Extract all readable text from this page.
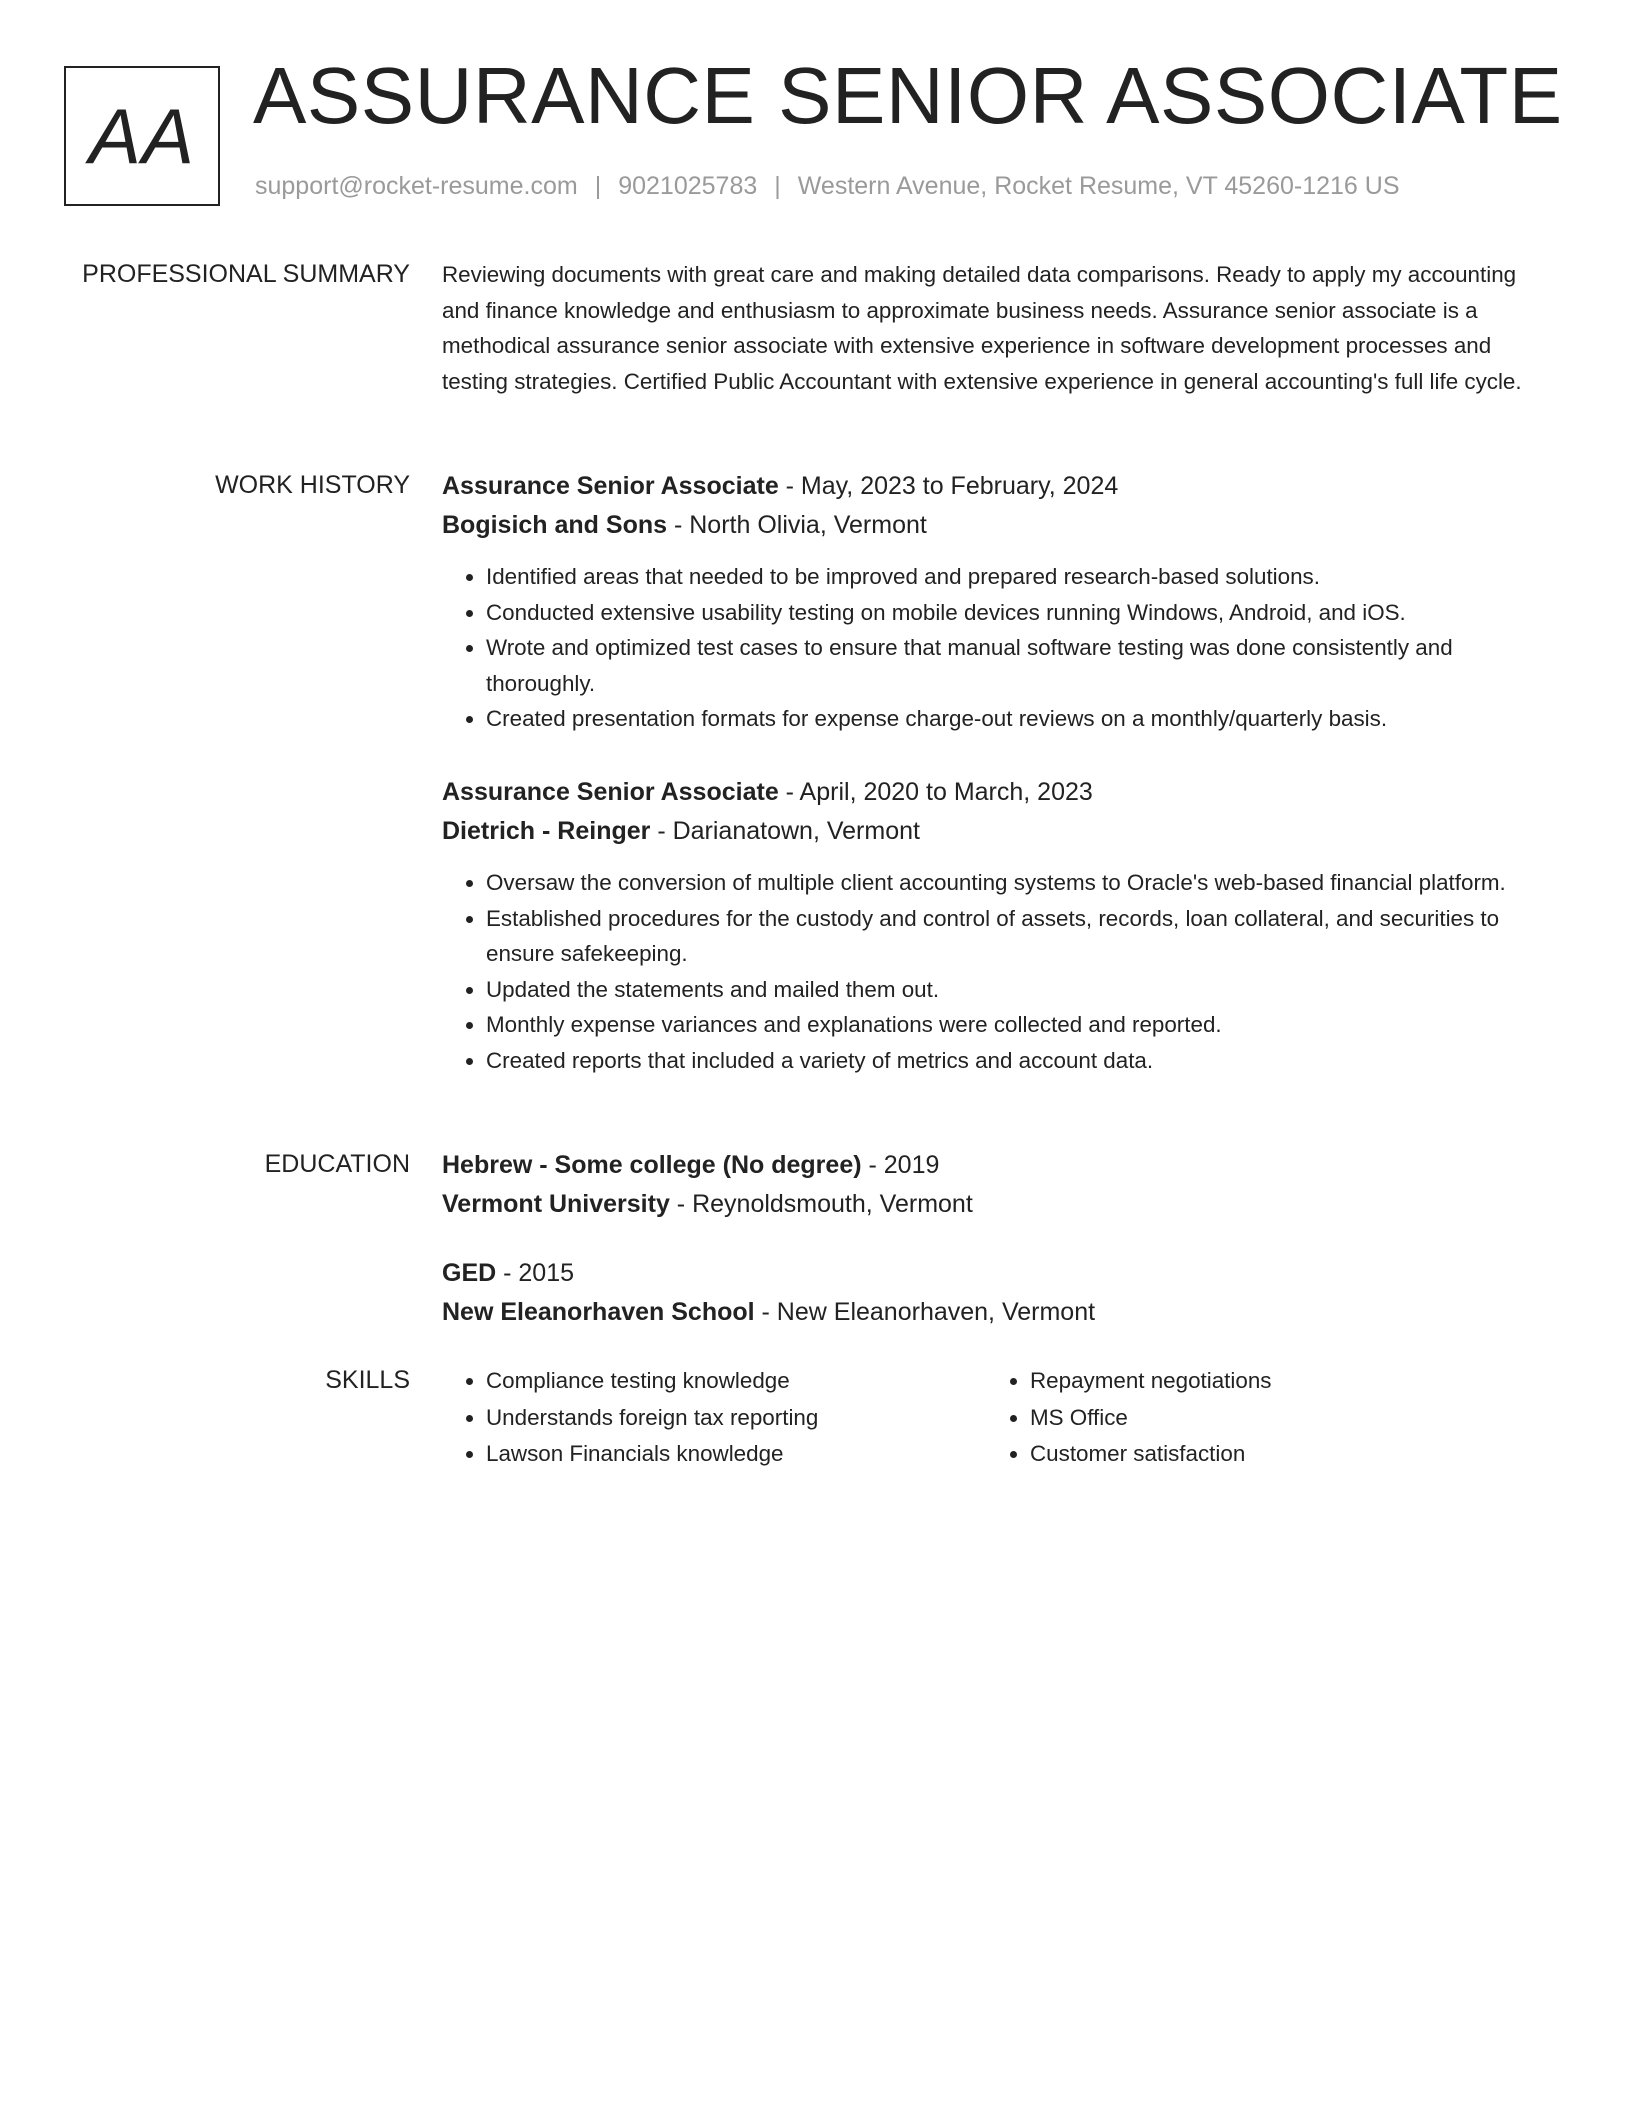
AA ASSURANCE SENIOR ASSOCIATE
support@rocket-resume.com | 9021025783 | Western Avenue, Rocket Resume, VT 45260-1216 US
PROFESSIONAL SUMMARY Reviewing documents with great care and making detailed data comparisons. Ready to apply my accounting and finance knowledge and enthusiasm to approximate business needs. Assurance senior associate is a methodical assurance senior associate with extensive experience in software development processes and testing strategies. Certified Public Accountant with extensive experience in general accounting's full life cycle.

WORK HISTORY Assurance Senior Associate - May, 2023 to February, 2024

Bogisich and Sons - North Olivia, Vermont

• Identified areas that needed to be improved and prepared research-based solutions.
• Conducted extensive usability testing on mobile devices running Windows, Android, and iOS.
• Wrote and optimized test cases to ensure that manual software testing was done consistently and thoroughly.
• Created presentation formats for expense charge-out reviews on a monthly/quarterly basis.

Assurance Senior Associate - April, 2020 to March, 2023

Dietrich - Reinger - Darianatown, Vermont

• Oversaw the conversion of multiple client accounting systems to Oracle's web-based financial platform.
• Established procedures for the custody and control of assets, records, loan collateral, and securities to ensure safekeeping.
• Updated the statements and mailed them out.
• Monthly expense variances and explanations were collected and reported.
• Created reports that included a variety of metrics and account data.
EDUCATION Hebrew - Some college (No degree) - 2019

Vermont University - Reynoldsmouth, Vermont

GED - 2015

New Eleanorhaven School - New Eleanorhaven, Vermont

SKILLS
•	Compliance testing knowledge
• Understands foreign tax reporting
• Lawson Financials knowledge
• Repayment negotiations
• MS Office
• Customer satisfaction
